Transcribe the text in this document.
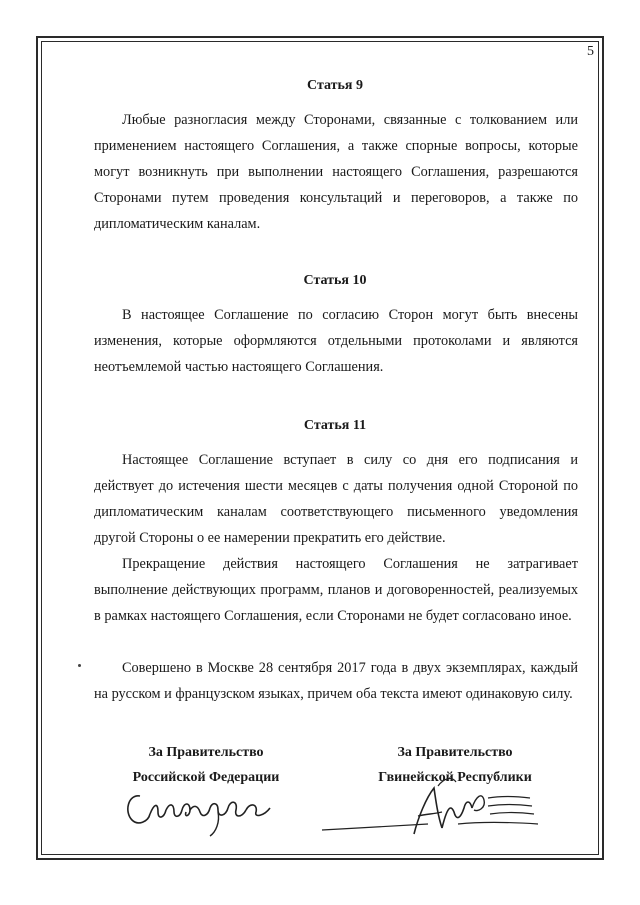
5
Статья 9

Любые разногласия между Сторонами, связанные с толкованием или применением настоящего Соглашения, а также спорные вопросы, которые могут возникнуть при выполнении настоящего Соглашения, разрешаются Сторонами путем проведения консультаций и переговоров, а также по дипломатическим каналам.

Статья 10

В настоящее Соглашение по согласию Сторон могут быть внесены изменения, которые оформляются отдельными протоколами и являются неотъемлемой частью настоящего Соглашения.

Статья 11

Настоящее Соглашение вступает в силу со дня его подписания и действует до истечения шести месяцев с даты получения одной Стороной по дипломатическим каналам соответствующего письменного уведомления другой Стороны о ее намерении прекратить его действие.

Прекращение действия настоящего Соглашения не затрагивает выполнение действующих программ, планов и договоренностей, реализуемых в рамках настоящего Соглашения, если Сторонами не будет согласовано иное.

Совершено в Москве 28 сентября 2017 года в двух экземплярах, каждый на русском и французском языках, причем оба текста имеют одинаковую силу.

За Правительство
Российской Федерации
За Правительство
Гвинейской Республики
